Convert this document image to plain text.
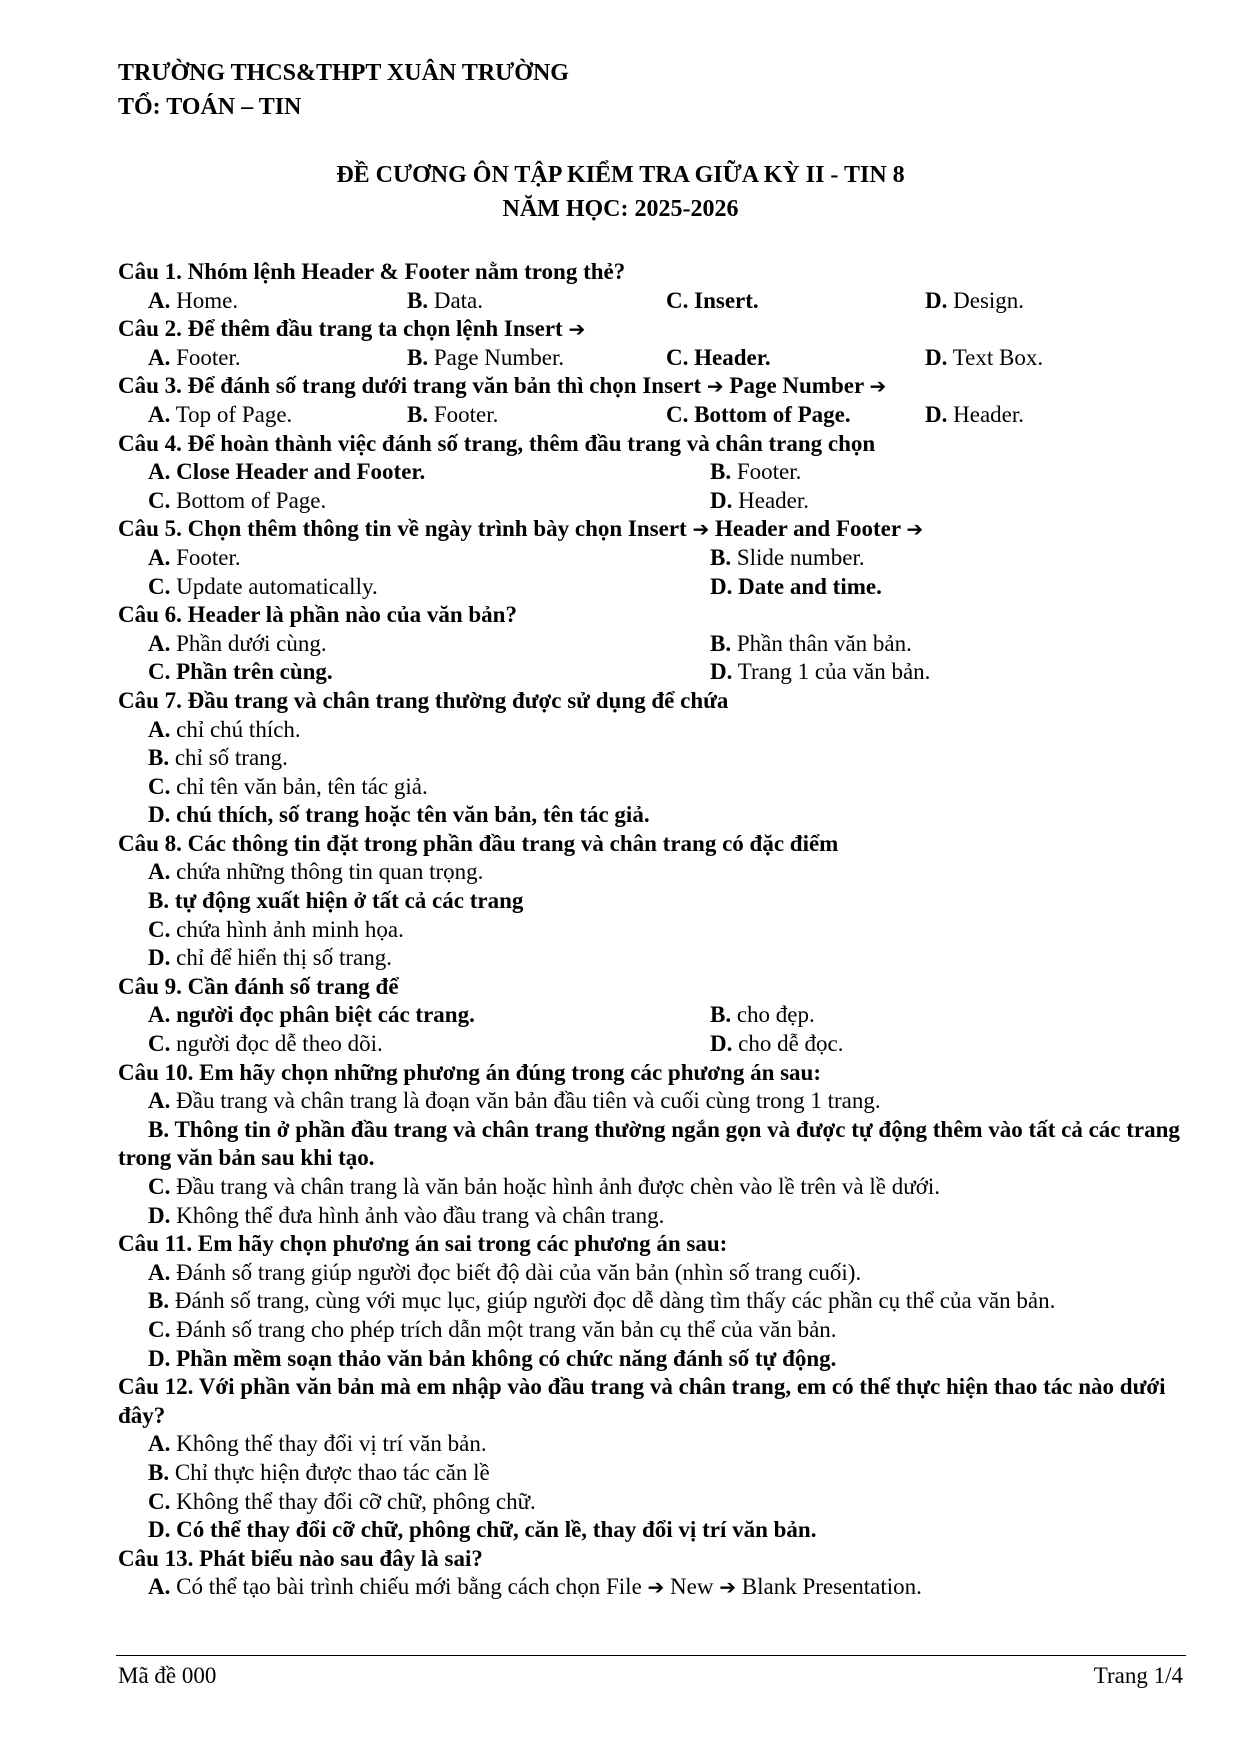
TRƯỜNG THCS&THPT XUÂN TRƯỜNG
TỔ: TOÁN – TIN
ĐỀ CƯƠNG ÔN TẬP KIỂM TRA GIỮA KỲ II - TIN 8
NĂM HỌC: 2025-2026
Câu 1. Nhóm lệnh Header & Footer nằm trong thẻ?
A. Home.	B. Data.	C. Insert.	D. Design.
Câu 2. Để thêm đầu trang ta chọn lệnh Insert ➔
A. Footer.	B. Page Number.	C. Header.	D. Text Box.
Câu 3. Để đánh số trang dưới trang văn bản thì chọn Insert ➔ Page Number ➔
A. Top of Page.	B. Footer.	C. Bottom of Page.	D. Header.
Câu 4. Để hoàn thành việc đánh số trang, thêm đầu trang và chân trang chọn
A. Close Header and Footer.	B. Footer.
C. Bottom of Page.	D. Header.
Câu 5. Chọn thêm thông tin về ngày trình bày chọn Insert ➔ Header and Footer ➔
A. Footer.	B. Slide number.
C. Update automatically.	D. Date and time.
Câu 6. Header là phần nào của văn bản?
A. Phần dưới cùng.	B. Phần thân văn bản.
C. Phần trên cùng.	D. Trang 1 của văn bản.
Câu 7. Đầu trang và chân trang thường được sử dụng để chứa
A. chỉ chú thích.
B. chỉ số trang.
C. chỉ tên văn bản, tên tác giả.
D. chú thích, số trang hoặc tên văn bản, tên tác giả.
Câu 8. Các thông tin đặt trong phần đầu trang và chân trang có đặc điểm
A. chứa những thông tin quan trọng.
B. tự động xuất hiện ở tất cả các trang
C. chứa hình ảnh minh họa.
D. chỉ để hiển thị số trang.
Câu 9. Cần đánh số trang để
A. người đọc phân biệt các trang.	B. cho đẹp.
C. người đọc dễ theo dõi.	D. cho dễ đọc.
Câu 10. Em hãy chọn những phương án đúng trong các phương án sau:
A. Đầu trang và chân trang là đoạn văn bản đầu tiên và cuối cùng trong 1 trang.
B. Thông tin ở phần đầu trang và chân trang thường ngắn gọn và được tự động thêm vào tất cả các trang trong văn bản sau khi tạo.
C. Đầu trang và chân trang là văn bản hoặc hình ảnh được chèn vào lề trên và lề dưới.
D. Không thể đưa hình ảnh vào đầu trang và chân trang.
Câu 11. Em hãy chọn phương án sai trong các phương án sau:
A. Đánh số trang giúp người đọc biết độ dài của văn bản (nhìn số trang cuối).
B. Đánh số trang, cùng với mục lục, giúp người đọc dễ dàng tìm thấy các phần cụ thể của văn bản.
C. Đánh số trang cho phép trích dẫn một trang văn bản cụ thể của văn bản.
D. Phần mềm soạn thảo văn bản không có chức năng đánh số tự động.
Câu 12. Với phần văn bản mà em nhập vào đầu trang và chân trang, em có thể thực hiện thao tác nào dưới đây?
A. Không thể thay đổi vị trí văn bản.
B. Chỉ thực hiện được thao tác căn lề
C. Không thể thay đổi cỡ chữ, phông chữ.
D. Có thể thay đổi cỡ chữ, phông chữ, căn lề, thay đổi vị trí văn bản.
Câu 13. Phát biểu nào sau đây là sai?
A. Có thể tạo bài trình chiếu mới bằng cách chọn File ➔ New ➔ Blank Presentation.
Mã đề 000	Trang 1/4
